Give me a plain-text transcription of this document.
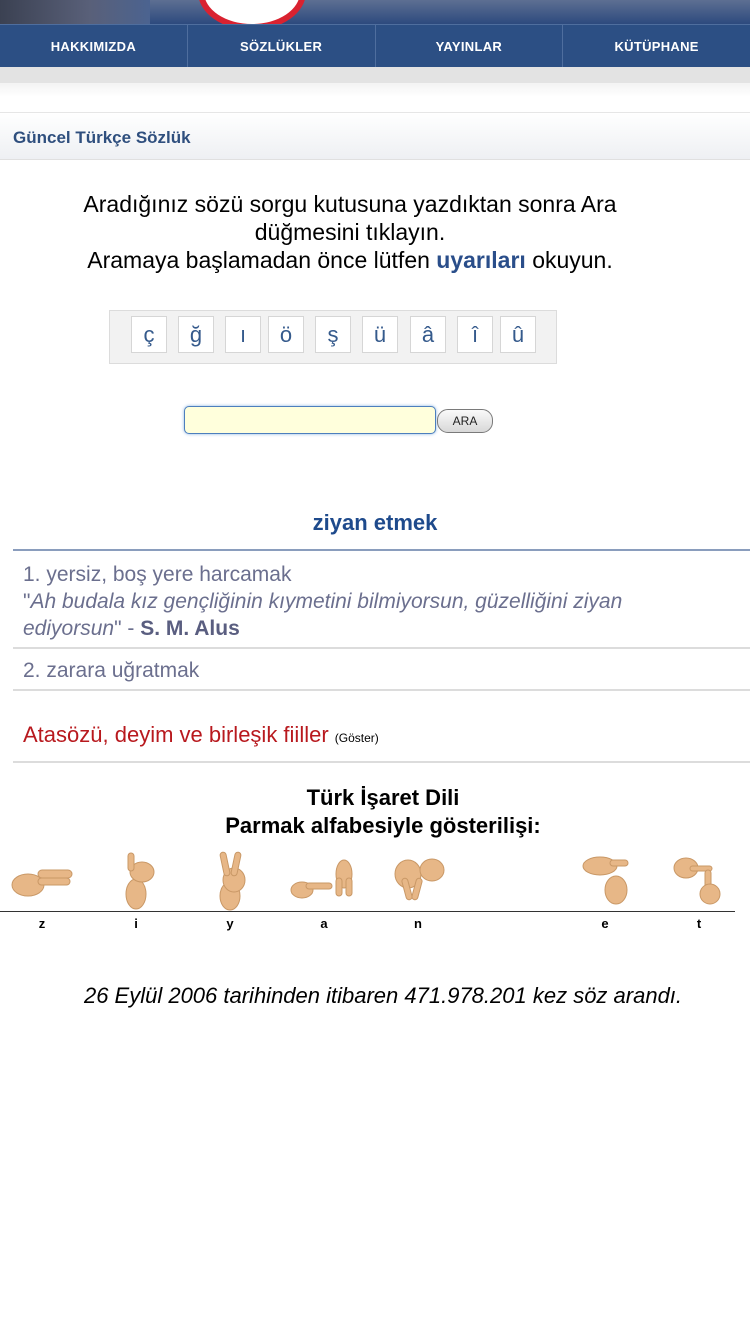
HAKKIMIZDA	SÖZLÜKLER	YAYINLAR	KÜTÜPHANE
Güncel Türkçe Sözlük
Aradığınız sözü sorgu kutusuna yazdıktan sonra Ara
düğmesini tıklayın.
Aramaya başlamadan önce lütfen uyarıları okuyun.
ç	ğ	ı	ö	ş	ü	â	î	û
ARA
ziyan etmek
1. yersiz, boş yere harcamak
"Ah budala kız gençliğinin kıymetini bilmiyorsun, güzelliğini ziyan ediyorsun" - S. M. Alus
2. zarara uğratmak
Atasözü, deyim ve birleşik fiiller (Göster)
Türk İşaret Dili
Parmak alfabesiyle gösterilişi:
z	i	y	a	n	e	t
26 Eylül 2006 tarihinden itibaren 471.978.201 kez söz arandı.
